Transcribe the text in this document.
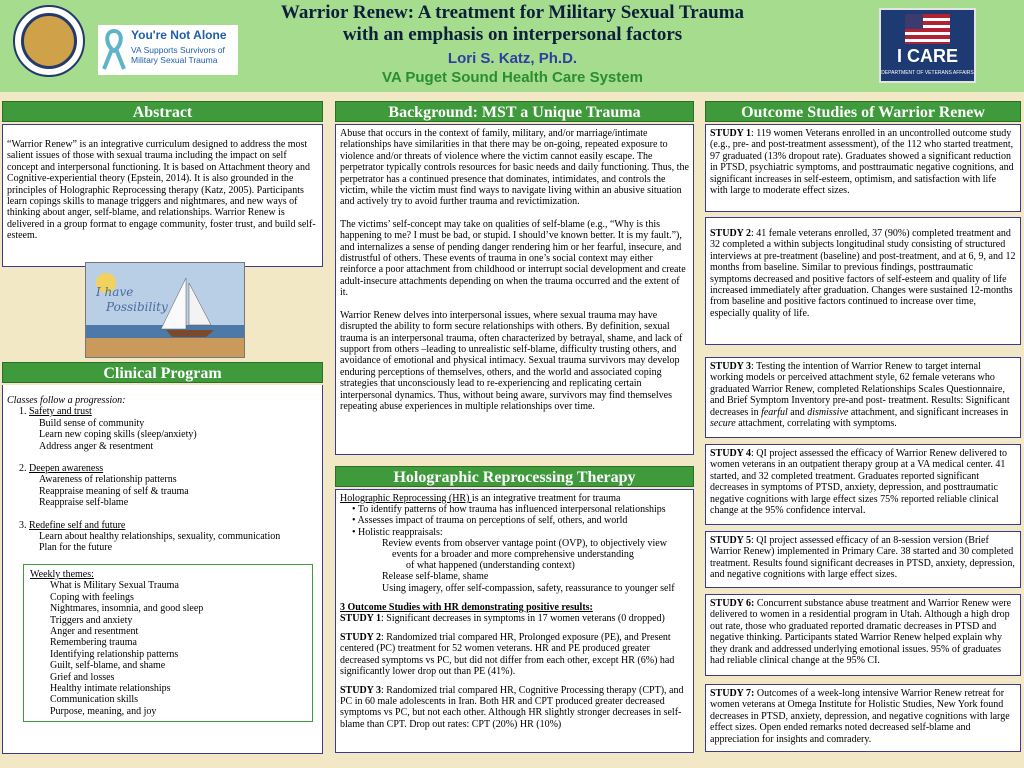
You're Not Alone
VA Supports Survivors of Military Sexual Trauma
Warrior Renew: A treatment for Military Sexual Trauma
with an emphasis on interpersonal factors
Lori S. Katz, Ph.D.
VA Puget Sound Health Care System
I CARE
DEPARTMENT OF VETERANS AFFAIRS
Abstract
“Warrior Renew” is an integrative curriculum designed to address the most salient issues of those with sexual trauma including the impact on self concept and interpersonal functioning. It is based on Attachment theory and Cognitive-experiential theory (Epstein, 2014). It is also grounded in the principles of Holographic Reprocessing therapy (Katz, 2005). Participants learn copings skills to manage triggers and nightmares, and new ways of thinking about anger, self-blame, and relationships. Warrior Renew is delivered in a group format to engage community, foster trust, and build self-esteem.
I have
Possibility
Clinical Program
Classes follow a progression:
1. Safety and trust
Build sense of community
Learn new coping skills (sleep/anxiety)
Address anger & resentment
2. Deepen awareness
Awareness of relationship patterns
Reappraise meaning of self & trauma
Reappraise self-blame
3. Redefine self and future
Learn about healthy relationships, sexuality, communication
Plan for the future
Weekly themes:
What is Military Sexual Trauma
Coping with feelings
Nightmares, insomnia, and good sleep
Triggers and anxiety
Anger and resentment
Remembering trauma
Identifying relationship patterns
Guilt, self-blame, and shame
Grief and losses
Healthy intimate relationships
Communication skills
Purpose, meaning, and joy
Background: MST a Unique Trauma

Abuse that occurs in the context of family, military, and/or marriage/intimate relationships have similarities in that there may be on-going, repeated exposure to violence and/or threats of violence where the victim cannot easily escape. The perpetrator typically controls resources for basic needs and daily functioning. Thus, the perpetrator has a continued presence that dominates, intimidates, and controls the victim, while the victim must find ways to navigate living within an abusive situation and actively try to avoid further trauma and revictimization.

The victims’ self-concept may take on qualities of self-blame (e.g., “Why is this happening to me? I must be bad, or stupid. I should’ve known better. It is my fault.”), and internalizes a sense of pending danger rendering him or her fearful, insecure, and distrustful of others. These events of trauma in one’s social context may either reinforce a poor attachment from childhood or interrupt social development and create adult-insecure attachments depending on when the trauma occurred and the extent of it.

Warrior Renew delves into interpersonal issues, where sexual trauma may have disrupted the ability to form secure relationships with others. By definition, sexual trauma is an interpersonal trauma, often characterized by betrayal, shame, and lack of support from others –leading to unrealistic self-blame, difficulty trusting others, and avoidance of emotional and physical intimacy. Sexual trauma survivors may develop enduring perceptions of themselves, others, and the world and associated coping strategies that unconsciously lead to re-experiencing and replicating certain interpersonal dynamics. Thus, without being aware, survivors may find themselves repeating abuse experiences in multiple relationships over time.

Holographic Reprocessing Therapy
Holographic Reprocessing (HR) is an integrative treatment for trauma
• To identify patterns of how trauma has influenced interpersonal relationships
• Assesses impact of trauma on perceptions of self, others, and world
• Holistic reappraisals:
Review events from observer vantage point (OVP), to objectively view
events for a broader and more comprehensive understanding
of what happened (understanding context)
Release self-blame, shame
Using imagery, offer self-compassion, safety, reassurance to younger self
3 Outcome Studies with HR demonstrating positive results:
STUDY 1: Significant decreases in symptoms in 17 women veterans (0 dropped)
STUDY 2: Randomized trial compared HR, Prolonged exposure (PE), and Present centered (PC) treatment for 52 women veterans. HR and PE produced greater decreased symptoms vs PC, but did not differ from each other, except HR (6%) had significantly lower drop out than PE (41%).
STUDY 3: Randomized trial compared HR, Cognitive Processing therapy (CPT), and PC in 60 male adolescents in Iran. Both HR and CPT produced greater decreased symptoms vs PC, but not each other. Although HR slightly stronger decreases in self-blame than CPT. Drop out rates: CPT (20%) HR (10%)
Outcome Studies of Warrior Renew
STUDY 1: 119 women Veterans enrolled in an uncontrolled outcome study (e.g., pre- and post-treatment assessment), of the 112 who started treatment, 97 graduated (13% dropout rate). Graduates showed a significant reduction in PTSD, psychiatric symptoms, and posttraumatic negative cognitions, and significant increases in self-esteem, optimism, and satisfaction with life with large to moderate effect sizes.
STUDY 2: 41 female veterans enrolled, 37 (90%) completed treatment and 32 completed a within subjects longitudinal study consisting of structured interviews at pre-treatment (baseline) and post-treatment, and at 6, 9, and 12 months from baseline. Similar to previous findings, posttraumatic symptoms decreased and positive factors of self-esteem and quality of life increased immediately after graduation. Changes were sustained 12-months from baseline and positive factors continued to increase over time, especially quality of life.
STUDY 3: Testing the intention of Warrior Renew to target internal working models or perceived attachment style, 62 female veterans who graduated Warrior Renew, completed Relationships Scales Questionnaire, and Brief Symptom Inventory pre-and post- treatment. Results: Significant decreases in fearful and dismissive attachment, and significant increases in secure attachment, correlating with symptoms.
STUDY 4: QI project assessed the efficacy of Warrior Renew delivered to women veterans in an outpatient therapy group at a VA medical center. 41 started, and 32 completed treatment. Graduates reported significant decreases in symptoms of PTSD, anxiety, depression, and posttraumatic negative cognitions with large effect sizes 75% reported reliable clinical change at the 95% confidence interval.
STUDY 5: QI project assessed efficacy of an 8-session version (Brief Warrior Renew) implemented in Primary Care. 38 started and 30 completed treatment. Results found significant decreases in PTSD, anxiety, depression, and negative cognitions with large effect sizes.
STUDY 6: Concurrent substance abuse treatment and Warrior Renew were delivered to women in a residential program in Utah. Although a high drop out rate, those who graduated reported dramatic decreases in PTSD and negative thinking. Participants stated Warrior Renew helped explain why they drank and addressed underlying emotional issues. 95% of graduates had reliable clinical change at the 95% CI.
STUDY 7: Outcomes of a week-long intensive Warrior Renew retreat for women veterans at Omega Institute for Holistic Studies, New York found decreases in PTSD, anxiety, depression, and negative cognitions with large effect sizes. Open ended remarks noted decreased self-blame and appreciation for insights and comradery.
